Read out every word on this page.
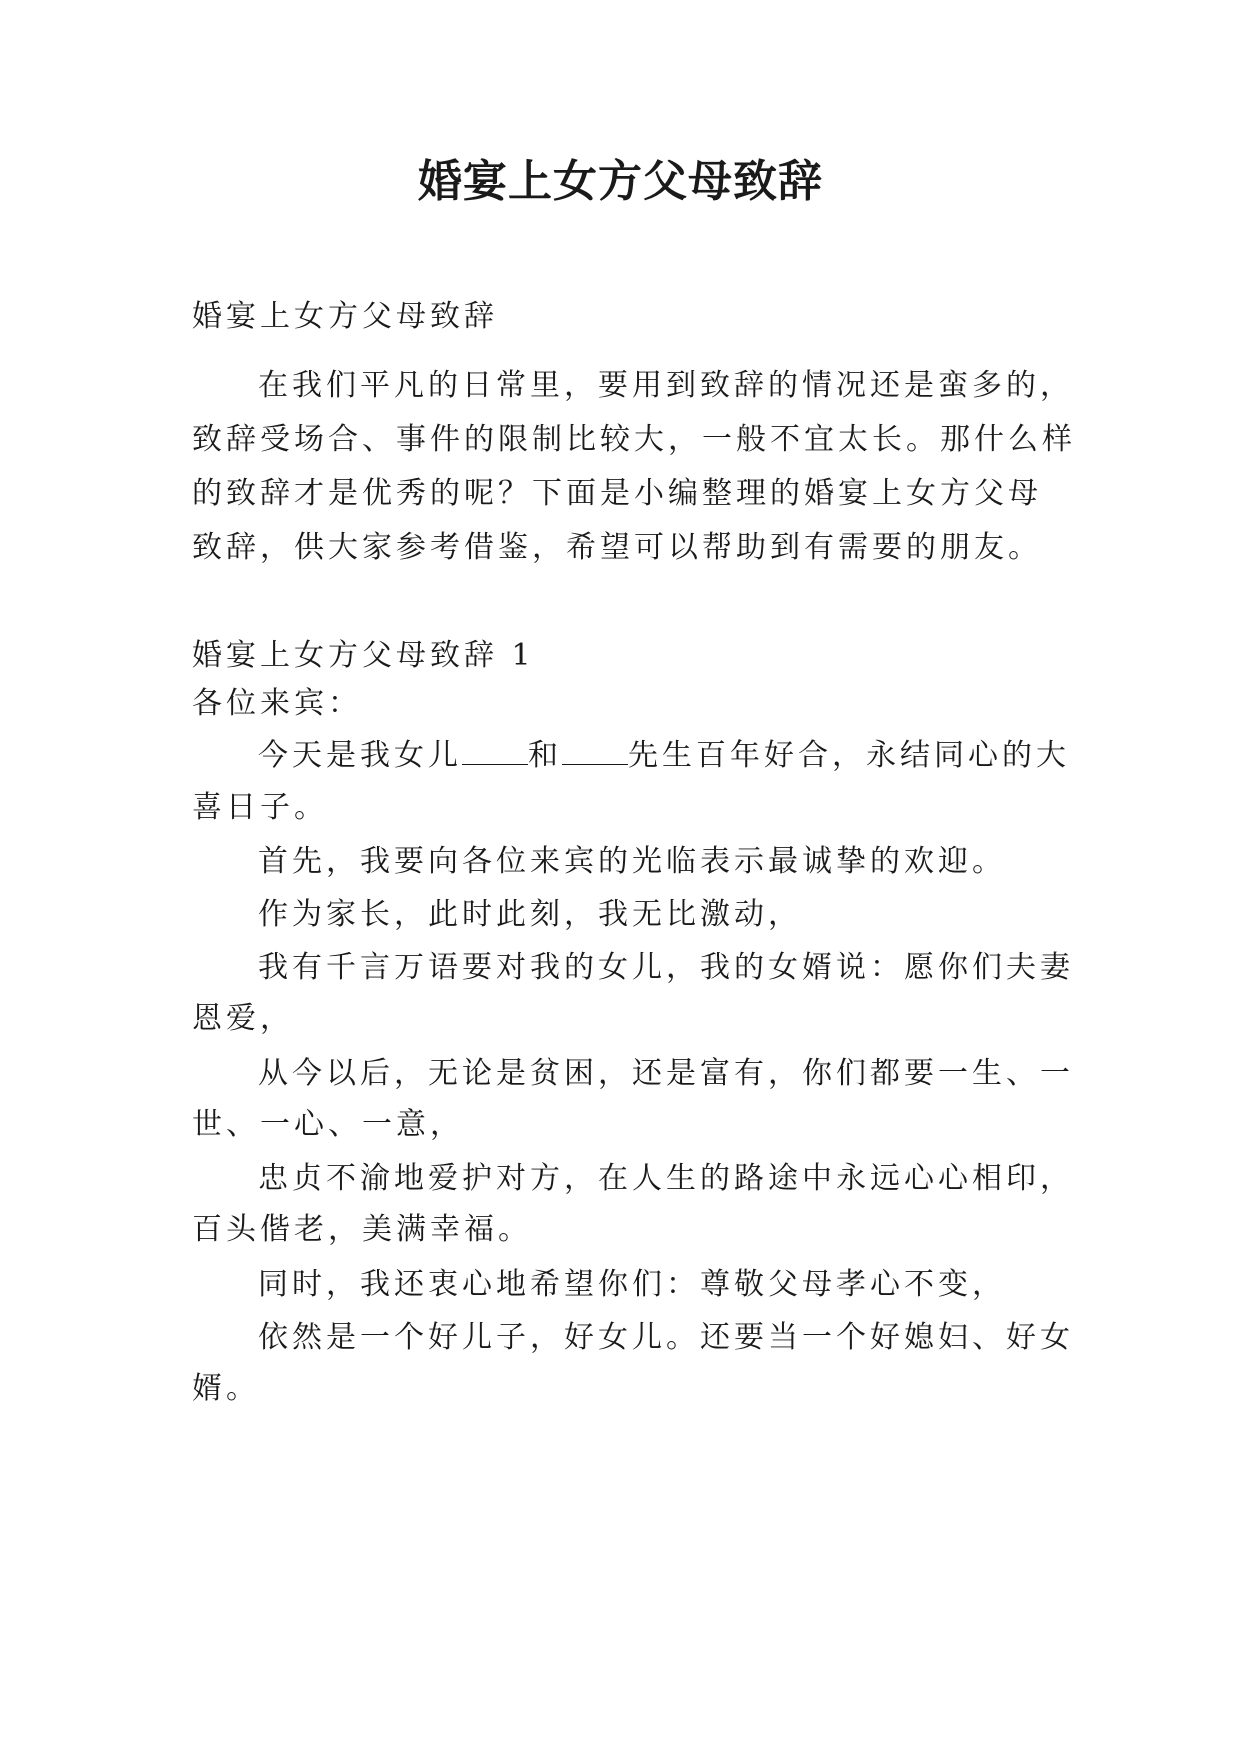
婚宴上女方父母致辞
婚宴上女方父母致辞
在我们平凡的日常里，要用到致辞的情况还是蛮多的，
致辞受场合、事件的限制比较大，一般不宜太长。那什么样
的致辞才是优秀的呢？下面是小编整理的婚宴上女方父母
致辞，供大家参考借鉴，希望可以帮助到有需要的朋友。
婚宴上女方父母致辞 1
各位来宾：
今天是我女儿 和 先生百年好合，永结同心的大
喜日子。
首先，我要向各位来宾的光临表示最诚挚的欢迎。
作为家长，此时此刻，我无比激动，
我有千言万语要对我的女儿，我的女婿说：愿你们夫妻
恩爱，
从今以后，无论是贫困，还是富有，你们都要一生、一
世、一心、一意，
忠贞不渝地爱护对方，在人生的路途中永远心心相印，
百头偕老，美满幸福。
同时，我还衷心地希望你们：尊敬父母孝心不变，
依然是一个好儿子，好女儿。还要当一个好媳妇、好女
婿。
